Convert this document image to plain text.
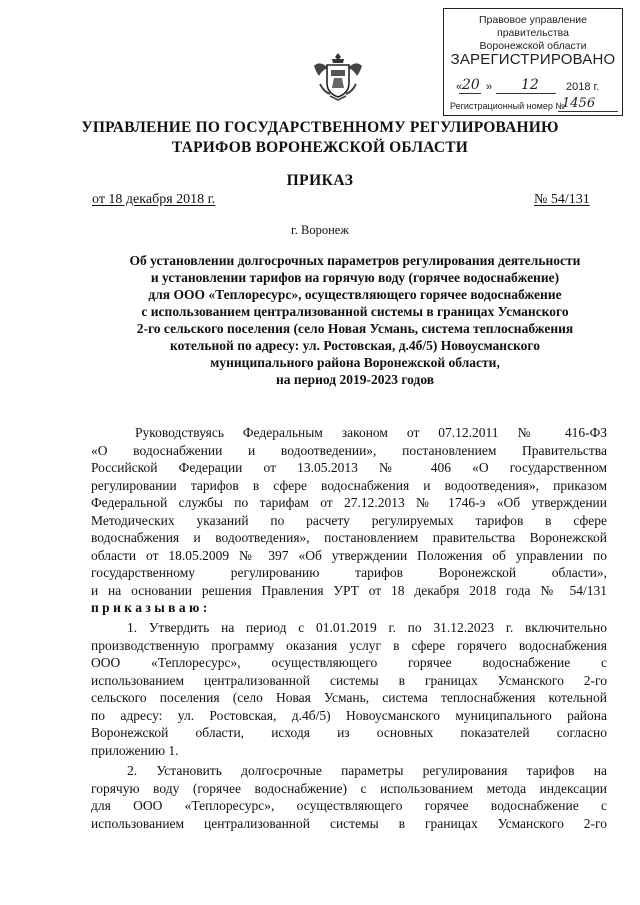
Правовое управление правительства
Воронежской области
ЗАРЕГИСТРИРОВАНО
« 20 » 12 2018 г.
Регистрационный номер №
1456
УПРАВЛЕНИЕ ПО ГОСУДАРСТВЕННОМУ РЕГУЛИРОВАНИЮ
ТАРИФОВ ВОРОНЕЖСКОЙ ОБЛАСТИ
ПРИКАЗ
от 18 декабря 2018 г.	№ 54/131
г. Воронеж
Об установлении долгосрочных параметров регулирования деятельности
и установлении тарифов на горячую воду (горячее водоснабжение)
для ООО «Теплоресурс», осуществляющего горячее водоснабжение
с использованием централизованной системы в границах Усманского
2-го сельского поселения (село Новая Усмань, система теплоснабжения
котельной по адресу: ул. Ростовская, д.4б/5) Новоусманского
муниципального района Воронежской области,
на период 2019-2023 годов
Руководствуясь Федеральным законом от 07.12.2011 № 416-ФЗ
«О водоснабжении и водоотведении», постановлением Правительства
Российской Федерации от 13.05.2013 № 406 «О государственном
регулировании тарифов в сфере водоснабжения и водоотведения», приказом
Федеральной службы по тарифам от 27.12.2013 № 1746-э «Об утверждении
Методических указаний по расчету регулируемых тарифов в сфере
водоснабжения и водоотведения», постановлением правительства Воронежской
области от 18.05.2009 № 397 «Об утверждении Положения об управлении по
государственному регулированию тарифов Воронежской области»,
и на основании решения Правления УРТ от 18 декабря 2018 года № 54/131
приказываю:
1. Утвердить на период с 01.01.2019 г. по 31.12.2023 г. включительно
производственную программу оказания услуг в сфере горячего водоснабжения
ООО «Теплоресурс», осуществляющего горячее водоснабжение с
использованием централизованной системы в границах Усманского 2-го
сельского поселения (село Новая Усмань, система теплоснабжения котельной
по адресу: ул. Ростовская, д.4б/5) Новоусманского муниципального района
Воронежской области, исходя из основных показателей согласно
приложению 1.
2. Установить долгосрочные параметры регулирования тарифов на
горячую воду (горячее водоснабжение) с использованием метода индексации
для ООО «Теплоресурс», осуществляющего горячее водоснабжение с
использованием централизованной системы в границах Усманского 2-го
